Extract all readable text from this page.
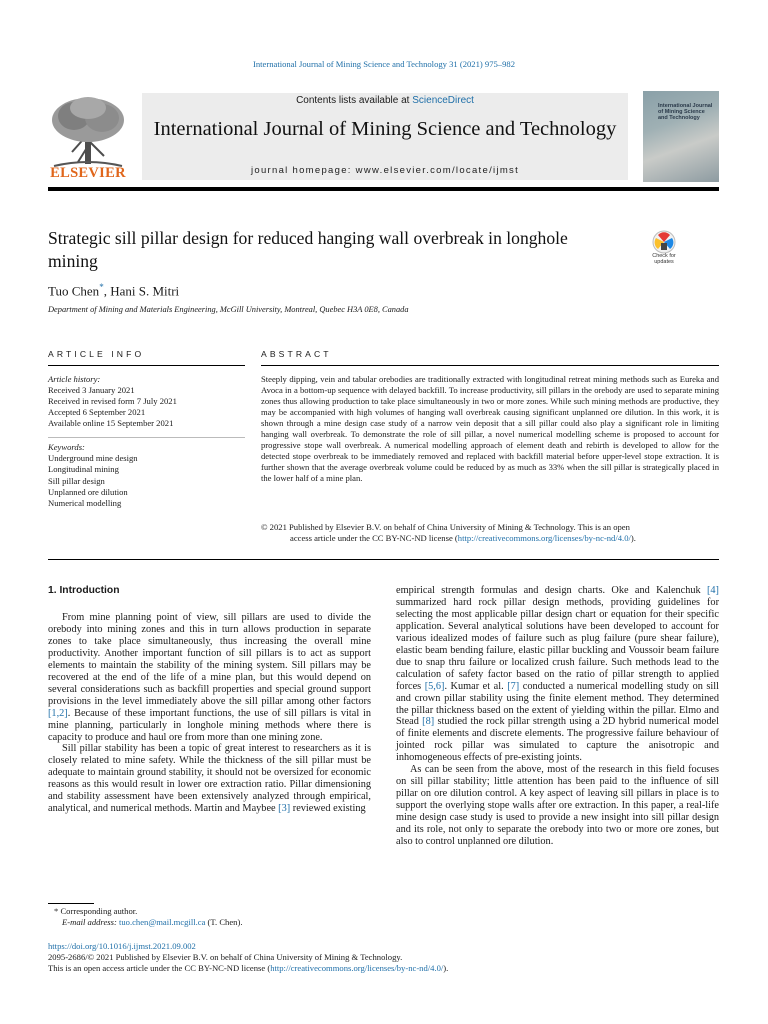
International Journal of Mining Science and Technology 31 (2021) 975–982
ELSEVIER
Contents lists available at ScienceDirect
International Journal of Mining Science and Technology
journal homepage: www.elsevier.com/locate/ijmst
International Journal of Mining Science and Technology
Strategic sill pillar design for reduced hanging wall overbreak in longhole mining	Check for updates
Tuo Chen*, Hani S. Mitri
Department of Mining and Materials Engineering, McGill University, Montreal, Quebec H3A 0E8, Canada
ARTICLE INFO	ABSTRACT
Article history:
Received 3 January 2021
Received in revised form 7 July 2021
Accepted 6 September 2021
Available online 15 September 2021
Keywords:
Underground mine design
Longitudinal mining
Sill pillar design
Unplanned ore dilution
Numerical modelling
Steeply dipping, vein and tabular orebodies are traditionally extracted with longitudinal retreat mining methods such as Eureka and Avoca in a bottom-up sequence with delayed backfill. To increase productivity, sill pillars in the orebody are used to separate mining zones thus allowing production to take place simultaneously in two or more zones. While such mining methods are productive, they may be accompanied with high volumes of hanging wall overbreak causing significant unplanned ore dilution. In this work, it is shown through a mine design case study of a narrow vein deposit that a sill pillar could also play a significant role in limiting hanging wall overbreak. To demonstrate the role of sill pillar, a novel numerical modelling scheme is proposed to account for progressive stope wall overbreak. A numerical modelling approach of element death and rebirth is developed to allow for the detected stope overbreak to be immediately removed and replaced with backfill material before upper-level stope extraction. It is further shown that the average overbreak volume could be reduced by as much as 33% when the sill pillar is strategically placed in the lower half of a mine plan.
© 2021 Published by Elsevier B.V. on behalf of China University of Mining & Technology. This is an open
access article under the CC BY-NC-ND license (http://creativecommons.org/licenses/by-nc-nd/4.0/).
1. Introduction

From mine planning point of view, sill pillars are used to divide the orebody into mining zones and this in turn allows production in separate zones to take place simultaneously, thus increasing the overall mine productivity. Another important function of sill pillars is to act as support elements to maintain the stability of the mining system. Sill pillars may be recovered at the end of the life of a mine plan, but this would depend on several considerations such as backfill properties and special ground support provisions in the level immediately above the sill pillar among other factors [1,2]. Because of these important functions, the use of sill pillars is vital in mine planning, particularly in longhole mining methods where there is capacity to produce and haul ore from more than one mining zone.

Sill pillar stability has been a topic of great interest to researchers as it is closely related to mine safety. While the thickness of the sill pillar must be adequate to maintain ground stability, it should not be oversized for economic reasons as this would result in lower ore extraction ratio. Pillar dimensioning and stability assessment have been extensively analyzed through empirical, analytical, and numerical methods. Martin and Maybee [3] reviewed existing

empirical strength formulas and design charts. Oke and Kalenchuk [4] summarized hard rock pillar design methods, providing guidelines for selecting the most applicable pillar design chart or equation for their specific application. Several analytical solutions have been developed to account for various idealized modes of failure such as plug failure (pure shear failure), elastic beam bending failure, elastic pillar buckling and Voussoir beam failure due to snap thru failure or localized crush failure. Such methods lead to the calculation of safety factor based on the ratio of pillar strength to applied forces [5,6]. Kumar et al. [7] conducted a numerical modelling study on sill and crown pillar stability using the finite element method. They determined the pillar thickness based on the extent of yielding within the pillar. Elmo and Stead [8] studied the rock pillar strength using a 2D hybrid numerical model of finite elements and discrete elements. The progressive failure behaviour of jointed rock pillar was simulated to capture the anisotropic and inhomogeneous effects of pre-existing joints.

As can be seen from the above, most of the research in this field focuses on sill pillar stability; little attention has been paid to the influence of sill pillar on ore dilution control. A key aspect of leaving sill pillars in place is to support the overlying stope walls after ore extraction. In this paper, a real-life mine design case study is used to provide a new insight into sill pillar design and its role, not only to separate the orebody into two or more ore zones, but also to control unplanned ore dilution.

* Corresponding author.
E-mail address: tuo.chen@mail.mcgill.ca (T. Chen).
https://doi.org/10.1016/j.ijmst.2021.09.002
2095-2686/© 2021 Published by Elsevier B.V. on behalf of China University of Mining & Technology.
This is an open access article under the CC BY-NC-ND license (http://creativecommons.org/licenses/by-nc-nd/4.0/).
